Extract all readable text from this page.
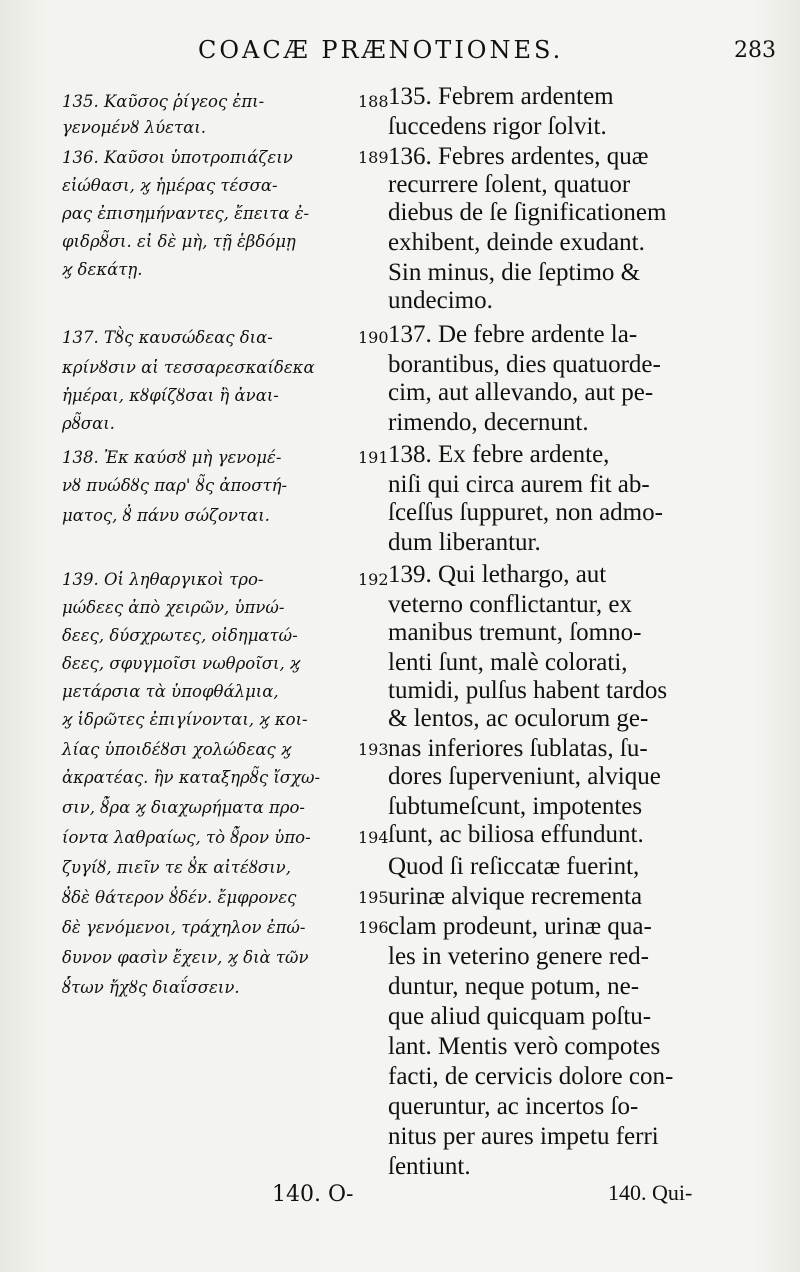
COACÆ PRÆNOTIONES.	283
135. Καῦσος ῥίγεος ἐπι-
γενομένȣ λύεται.
136. Καῦσοι ὑποτροπιάζειν
εἰώθασι, ϗ ἡμέρας τέσσα-
ρας ἐπισημήναντες, ἔπειτα ἐ-
φιδρȣ̃σι. εἰ δὲ μὴ, τῇ ἑβδόμῃ
ϗ δεκάτῃ.
137. Τȣ̀ς καυσώδεας δια-
κρίνȣσιν αἱ τεσσαρεσκαίδεκα
ἡμέραι, κȣφίζȣσαι ἢ ἀναι-
ρȣ̃σαι.
138. Ἐκ καύσȣ μὴ γενομέ-
νȣ πυώδȣς παρ' ȣ̃ς ἀποστή-
ματος, ȣ̓ πάνυ σώζονται.
139. Οἱ ληθαργικοὶ τρο-
μώδεες ἀπὸ χειρῶν, ὑπνώ-
δεες, δύσχρωτες, οἰδηματώ-
δεες, σφυγμοῖσι νωθροῖσι, ϗ
μετάρσια τὰ ὑποφθάλμια,
ϗ ἱδρῶτες ἐπιγίνονται, ϗ κοι-
λίας ὑποιδέȣσι χολώδεας ϗ
ἀκρατέας. ἢν καταξηρȣ̃ς ἴσχω-
σιν, ȣ̓̃ρα ϗ διαχωρήματα προ-
ίοντα λαθραίως, τὸ ȣ̓̃ρον ὑπο-
ζυγίȣ, πιεῖν τε ȣ̓κ αἰτέȣσιν,
ȣ̓δὲ θάτερον ȣ̓δέν. ἔμφρονες
δὲ γενόμενοι, τράχηλον ἐπώ-
δυνον φασὶν ἔχειν, ϗ διὰ τῶν
ȣ̓́των ἤχȣς διαΐσσειν.
140. Ο-
188
189
190
191
192
193
194
195
196
135. Febrem ardentem
ſuccedens rigor ſolvit.
136. Febres ardentes, quæ
recurrere ſolent, quatuor
diebus de ſe ſignificationem
exhibent, deinde exudant.
Sin minus, die ſeptimo &
undecimo.
137. De febre ardente la-
borantibus, dies quatuorde-
cim, aut allevando, aut pe-
rimendo, decernunt.
138. Ex febre ardente,
niſi qui circa aurem fit ab-
ſceſſus ſuppuret, non admo-
dum liberantur.
139. Qui lethargo, aut
veterno conflictantur, ex
manibus tremunt, ſomno-
lenti ſunt, malè colorati,
tumidi, pulſus habent tardos
& lentos, ac oculorum ge-
nas inferiores ſublatas, ſu-
dores ſuperveniunt, alvique
ſubtumeſcunt, impotentes
ſunt, ac biliosa effundunt.
Quod ſi reſiccatæ fuerint,
urinæ alvique recrementa
clam prodeunt, urinæ qua-
les in veterino genere red-
duntur, neque potum, ne-
que aliud quicquam poſtu-
lant. Mentis verò compotes
facti, de cervicis dolore con-
queruntur, ac incertos ſo-
nitus per aures impetu ferri
ſentiunt.
140. Qui-
